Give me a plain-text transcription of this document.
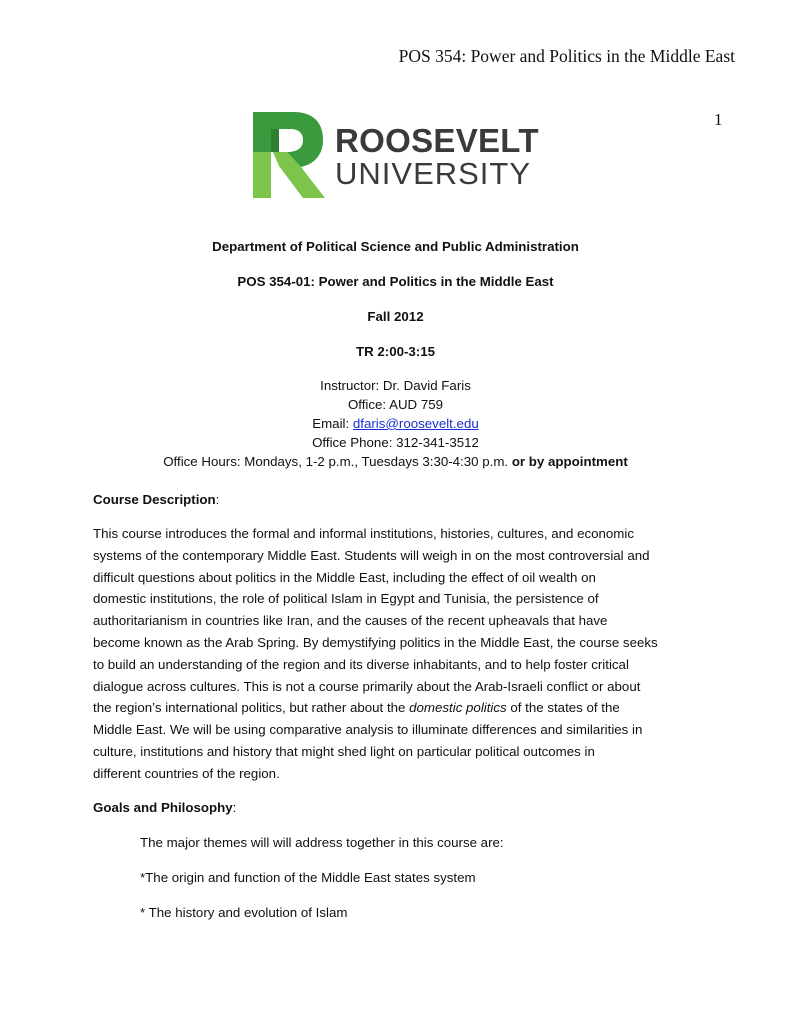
POS 354: Power and Politics in the Middle East
1
ROOSEVELT
UNIVERSITY
Department of Political Science and Public Administration
POS 354-01: Power and Politics in the Middle East
Fall 2012
TR 2:00-3:15
Instructor: Dr. David Faris
Office: AUD 759
Email: dfaris@roosevelt.edu
Office Phone: 312-341-3512
Office Hours: Mondays, 1-2 p.m., Tuesdays 3:30-4:30 p.m. or by appointment
Course Description:
This course introduces the formal and informal institutions, histories, cultures, and economic
systems of the contemporary Middle East. Students will weigh in on the most controversial and
difficult questions about politics in the Middle East, including the effect of oil wealth on
domestic institutions, the role of political Islam in Egypt and Tunisia, the persistence of
authoritarianism in countries like Iran, and the causes of the recent upheavals that have
become known as the Arab Spring. By demystifying politics in the Middle East, the course seeks
to build an understanding of the region and its diverse inhabitants, and to help foster critical
dialogue across cultures. This is not a course primarily about the Arab-Israeli conflict or about
the region’s international politics, but rather about the domestic politics of the states of the
Middle East. We will be using comparative analysis to illuminate differences and similarities in
culture, institutions and history that might shed light on particular political outcomes in
different countries of the region.
Goals and Philosophy:
The major themes will will address together in this course are:
*The origin and function of the Middle East states system
* The history and evolution of Islam
